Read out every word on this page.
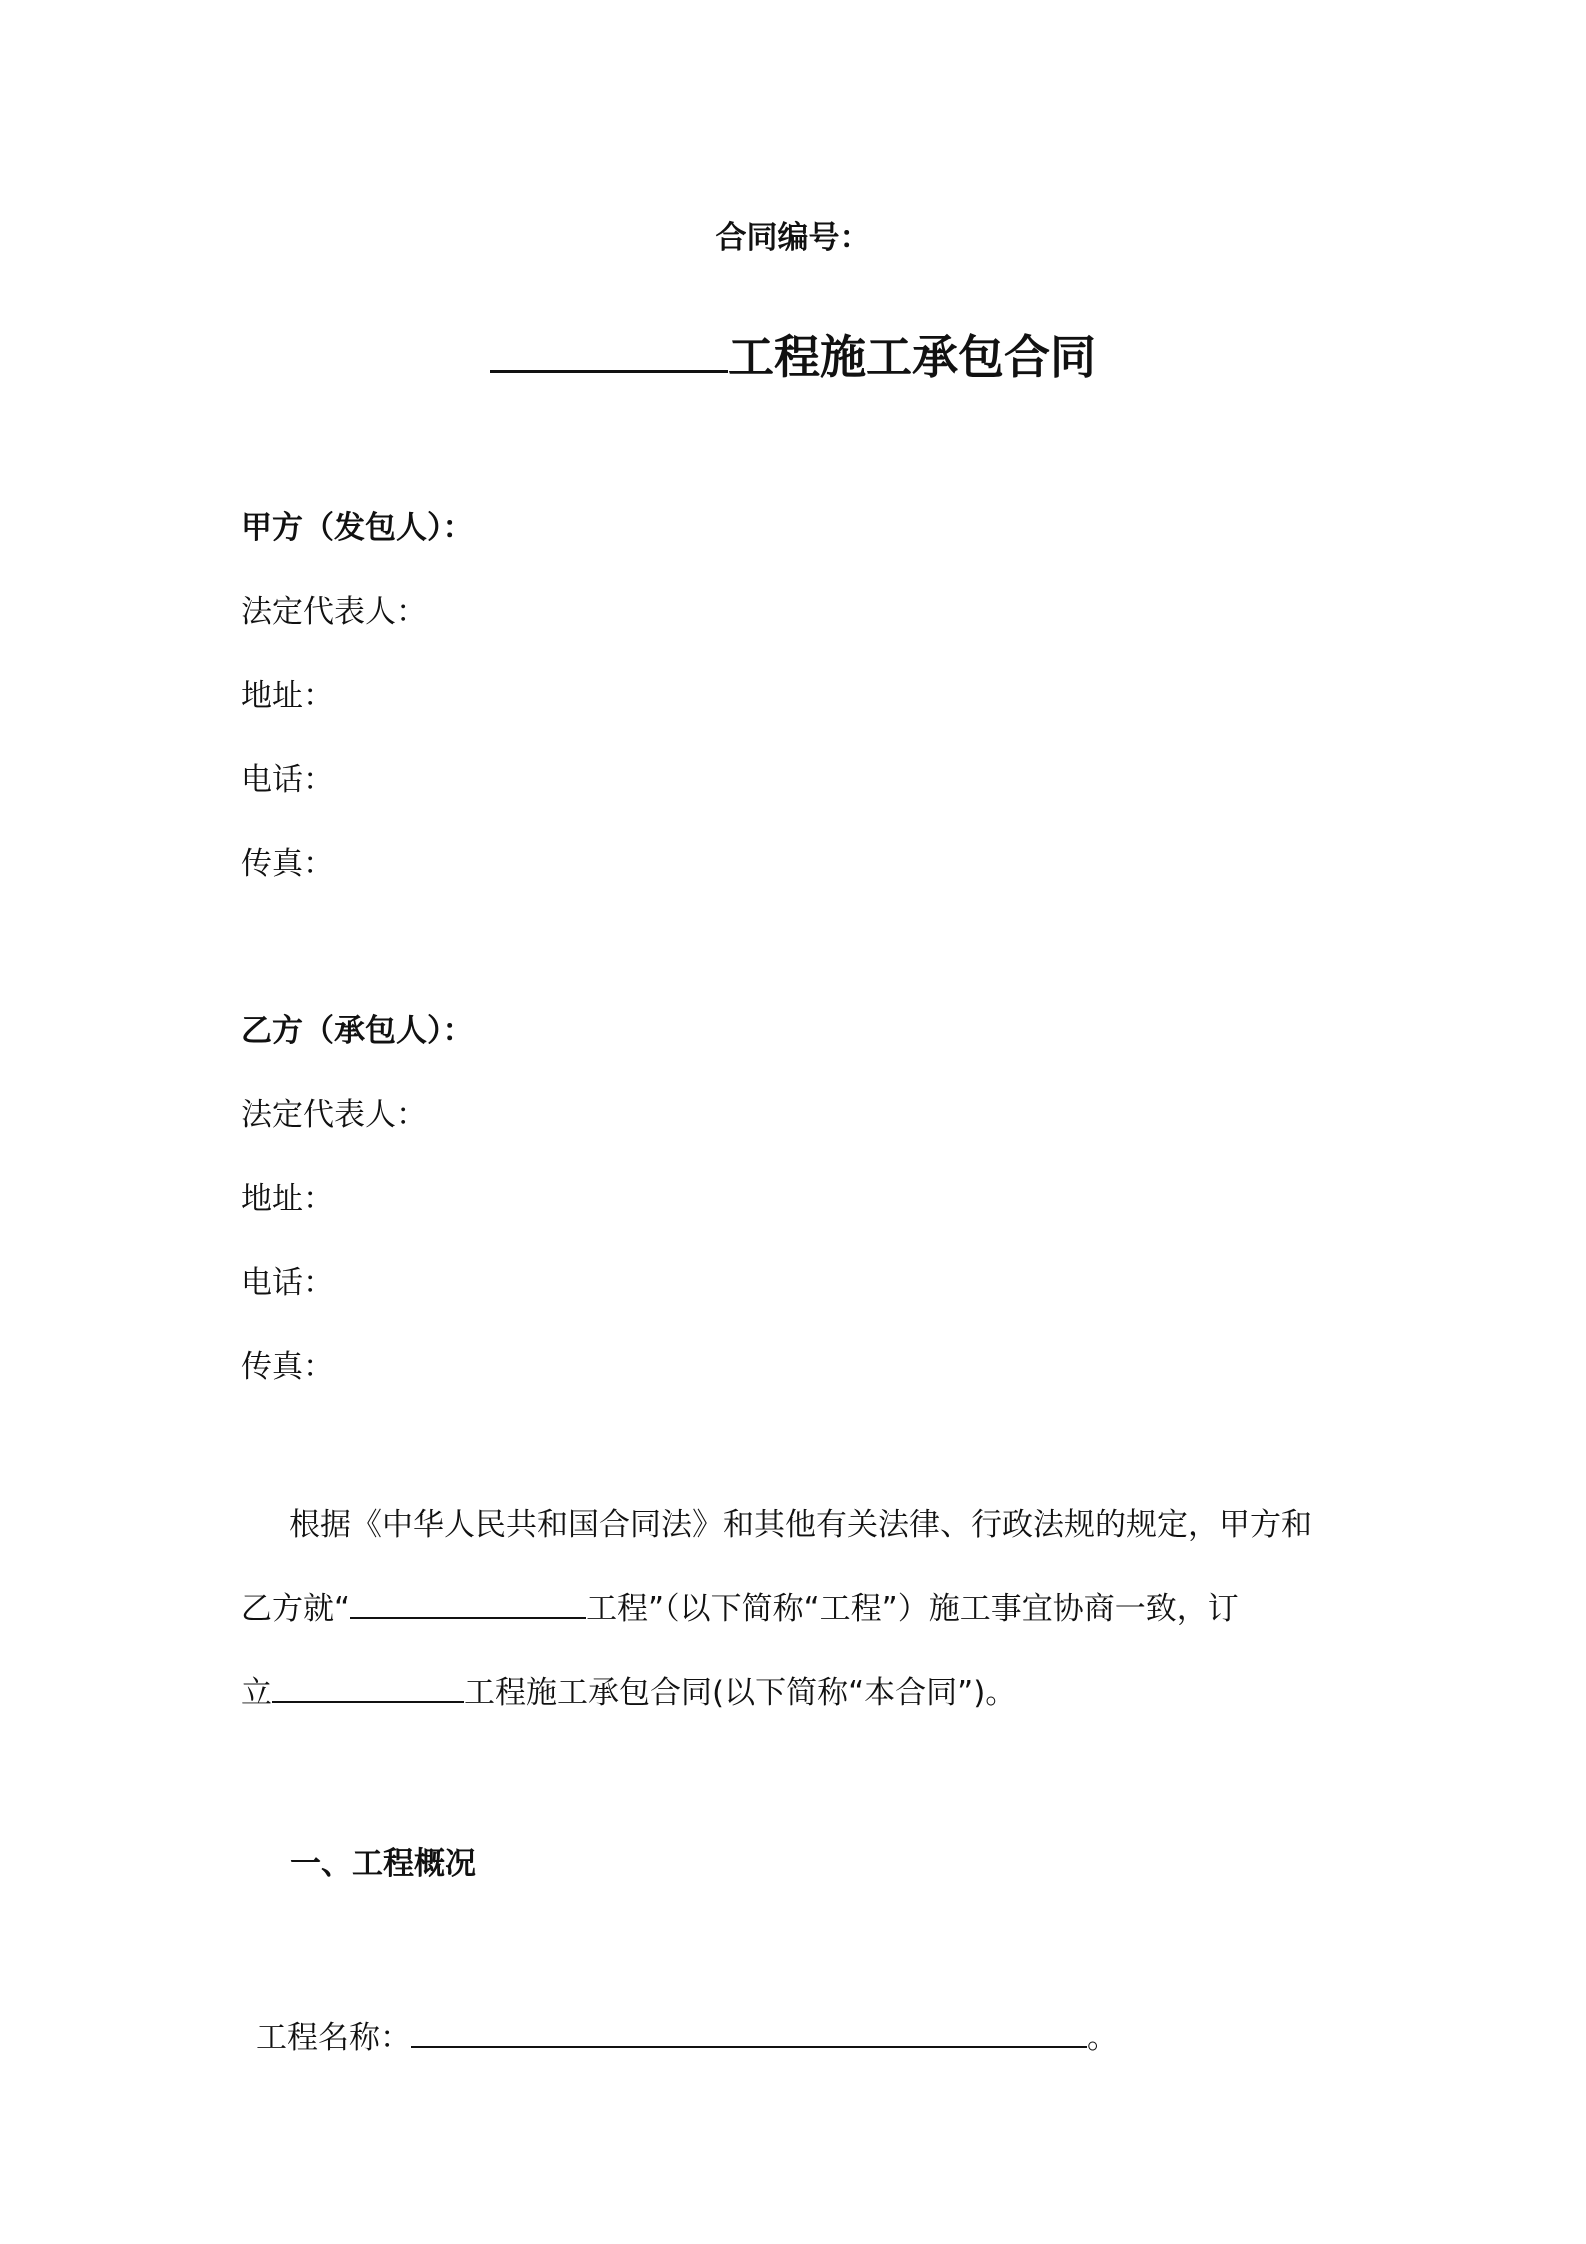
合同编号：
工程施工承包合同
甲方（发包人）：
法定代表人：
地址：
电话：
传真：
乙方（承包人）：
法定代表人：
地址：
电话：
传真：
根据《中华人民共和国合同法》和其他有关法律、行政法规的规定，甲方和
乙方就“	工程”（以下简称“工程”）施工事宜协商一致，订
立	工程施工承包合同(以下简称“本合同”)。
一、工程概况
工程名称：	。
